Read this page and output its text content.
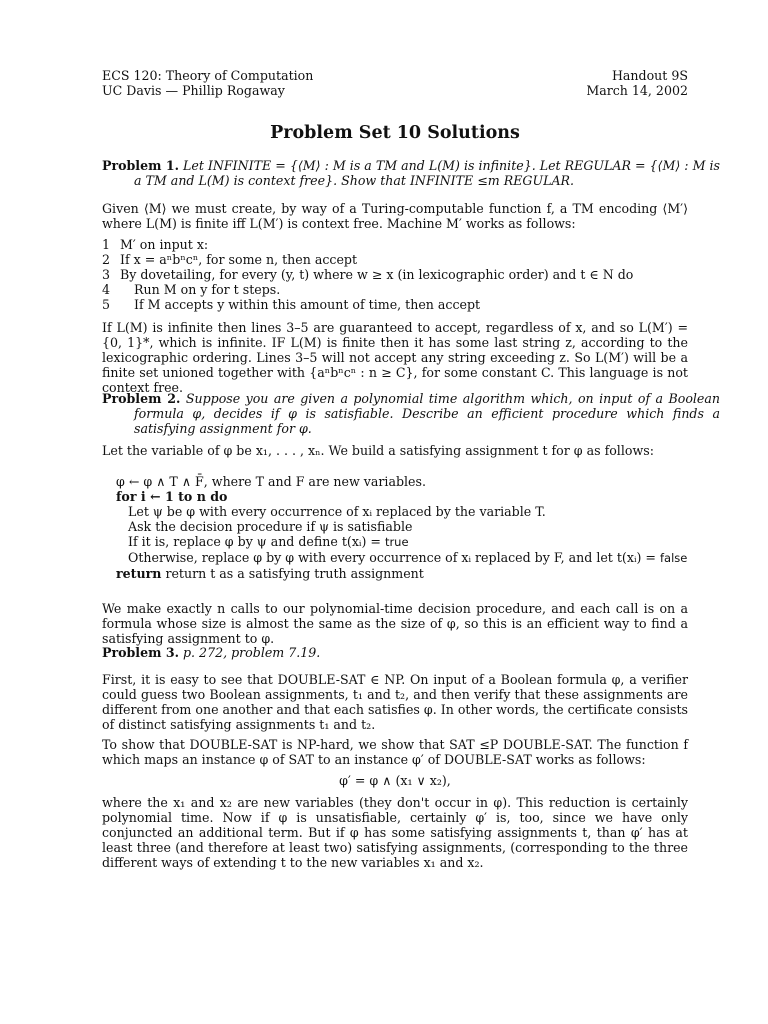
ECS 120: Theory of Computation
UC Davis — Phillip Rogaway
Handout 9S
March 14, 2002
Problem Set 10 Solutions
Problem 1. Let INFINITE = {⟨M⟩ : M is a TM and L(M) is infinite}. Let REGULAR = {⟨M⟩ : M is a TM and L(M) is context free}. Show that INFINITE ≤m REGULAR.
Given ⟨M⟩ we must create, by way of a Turing-computable function f, a TM encoding ⟨M′⟩ where L(M) is finite iff L(M′) is context free. Machine M′ works as follows:
1 M′ on input x:
2 If x = aⁿbⁿcⁿ, for some n, then accept
3 By dovetailing, for every (y, t) where w ≥ x (in lexicographic order) and t ∈ N do
4 Run M on y for t steps.
5 If M accepts y within this amount of time, then accept
If L(M) is infinite then lines 3–5 are guaranteed to accept, regardless of x, and so L(M′) = {0, 1}*, which is infinite. IF L(M) is finite then it has some last string z, according to the lexicographic ordering. Lines 3–5 will not accept any string exceeding z. So L(M′) will be a finite set unioned together with {aⁿbⁿcⁿ : n ≥ C}, for some constant C. This language is not context free.
Problem 2. Suppose you are given a polynomial time algorithm which, on input of a Boolean formula φ, decides if φ is satisfiable. Describe an efficient procedure which finds a satisfying assignment for φ.
Let the variable of φ be x₁, . . . , xₙ. We build a satisfying assignment t for φ as follows:
φ ← φ ∧ T ∧ F̄, where T and F are new variables.
for i ← 1 to n do
Let ψ be φ with every occurrence of xᵢ replaced by the variable T.
Ask the decision procedure if ψ is satisfiable
If it is, replace φ by ψ and define t(xᵢ) = true
Otherwise, replace φ by φ with every occurrence of xᵢ replaced by F, and let t(xᵢ) = false
return return t as a satisfying truth assignment
We make exactly n calls to our polynomial-time decision procedure, and each call is on a formula whose size is almost the same as the size of φ, so this is an efficient way to find a satisfying assignment to φ.
Problem 3. p. 272, problem 7.19.
First, it is easy to see that DOUBLE-SAT ∈ NP. On input of a Boolean formula φ, a verifier could guess two Boolean assignments, t₁ and t₂, and then verify that these assignments are different from one another and that each satisfies φ. In other words, the certificate consists of distinct satisfying assignments t₁ and t₂.
To show that DOUBLE-SAT is NP-hard, we show that SAT ≤P DOUBLE-SAT. The function f which maps an instance φ of SAT to an instance φ′ of DOUBLE-SAT works as follows:
φ′ = φ ∧ (x₁ ∨ x₂),
where the x₁ and x₂ are new variables (they don't occur in φ). This reduction is certainly polynomial time. Now if φ is unsatisfiable, certainly φ′ is, too, since we have only conjuncted an additional term. But if φ has some satisfying assignments t, than φ′ has at least three (and therefore at least two) satisfying assignments, (corresponding to the three different ways of extending t to the new variables x₁ and x₂.
